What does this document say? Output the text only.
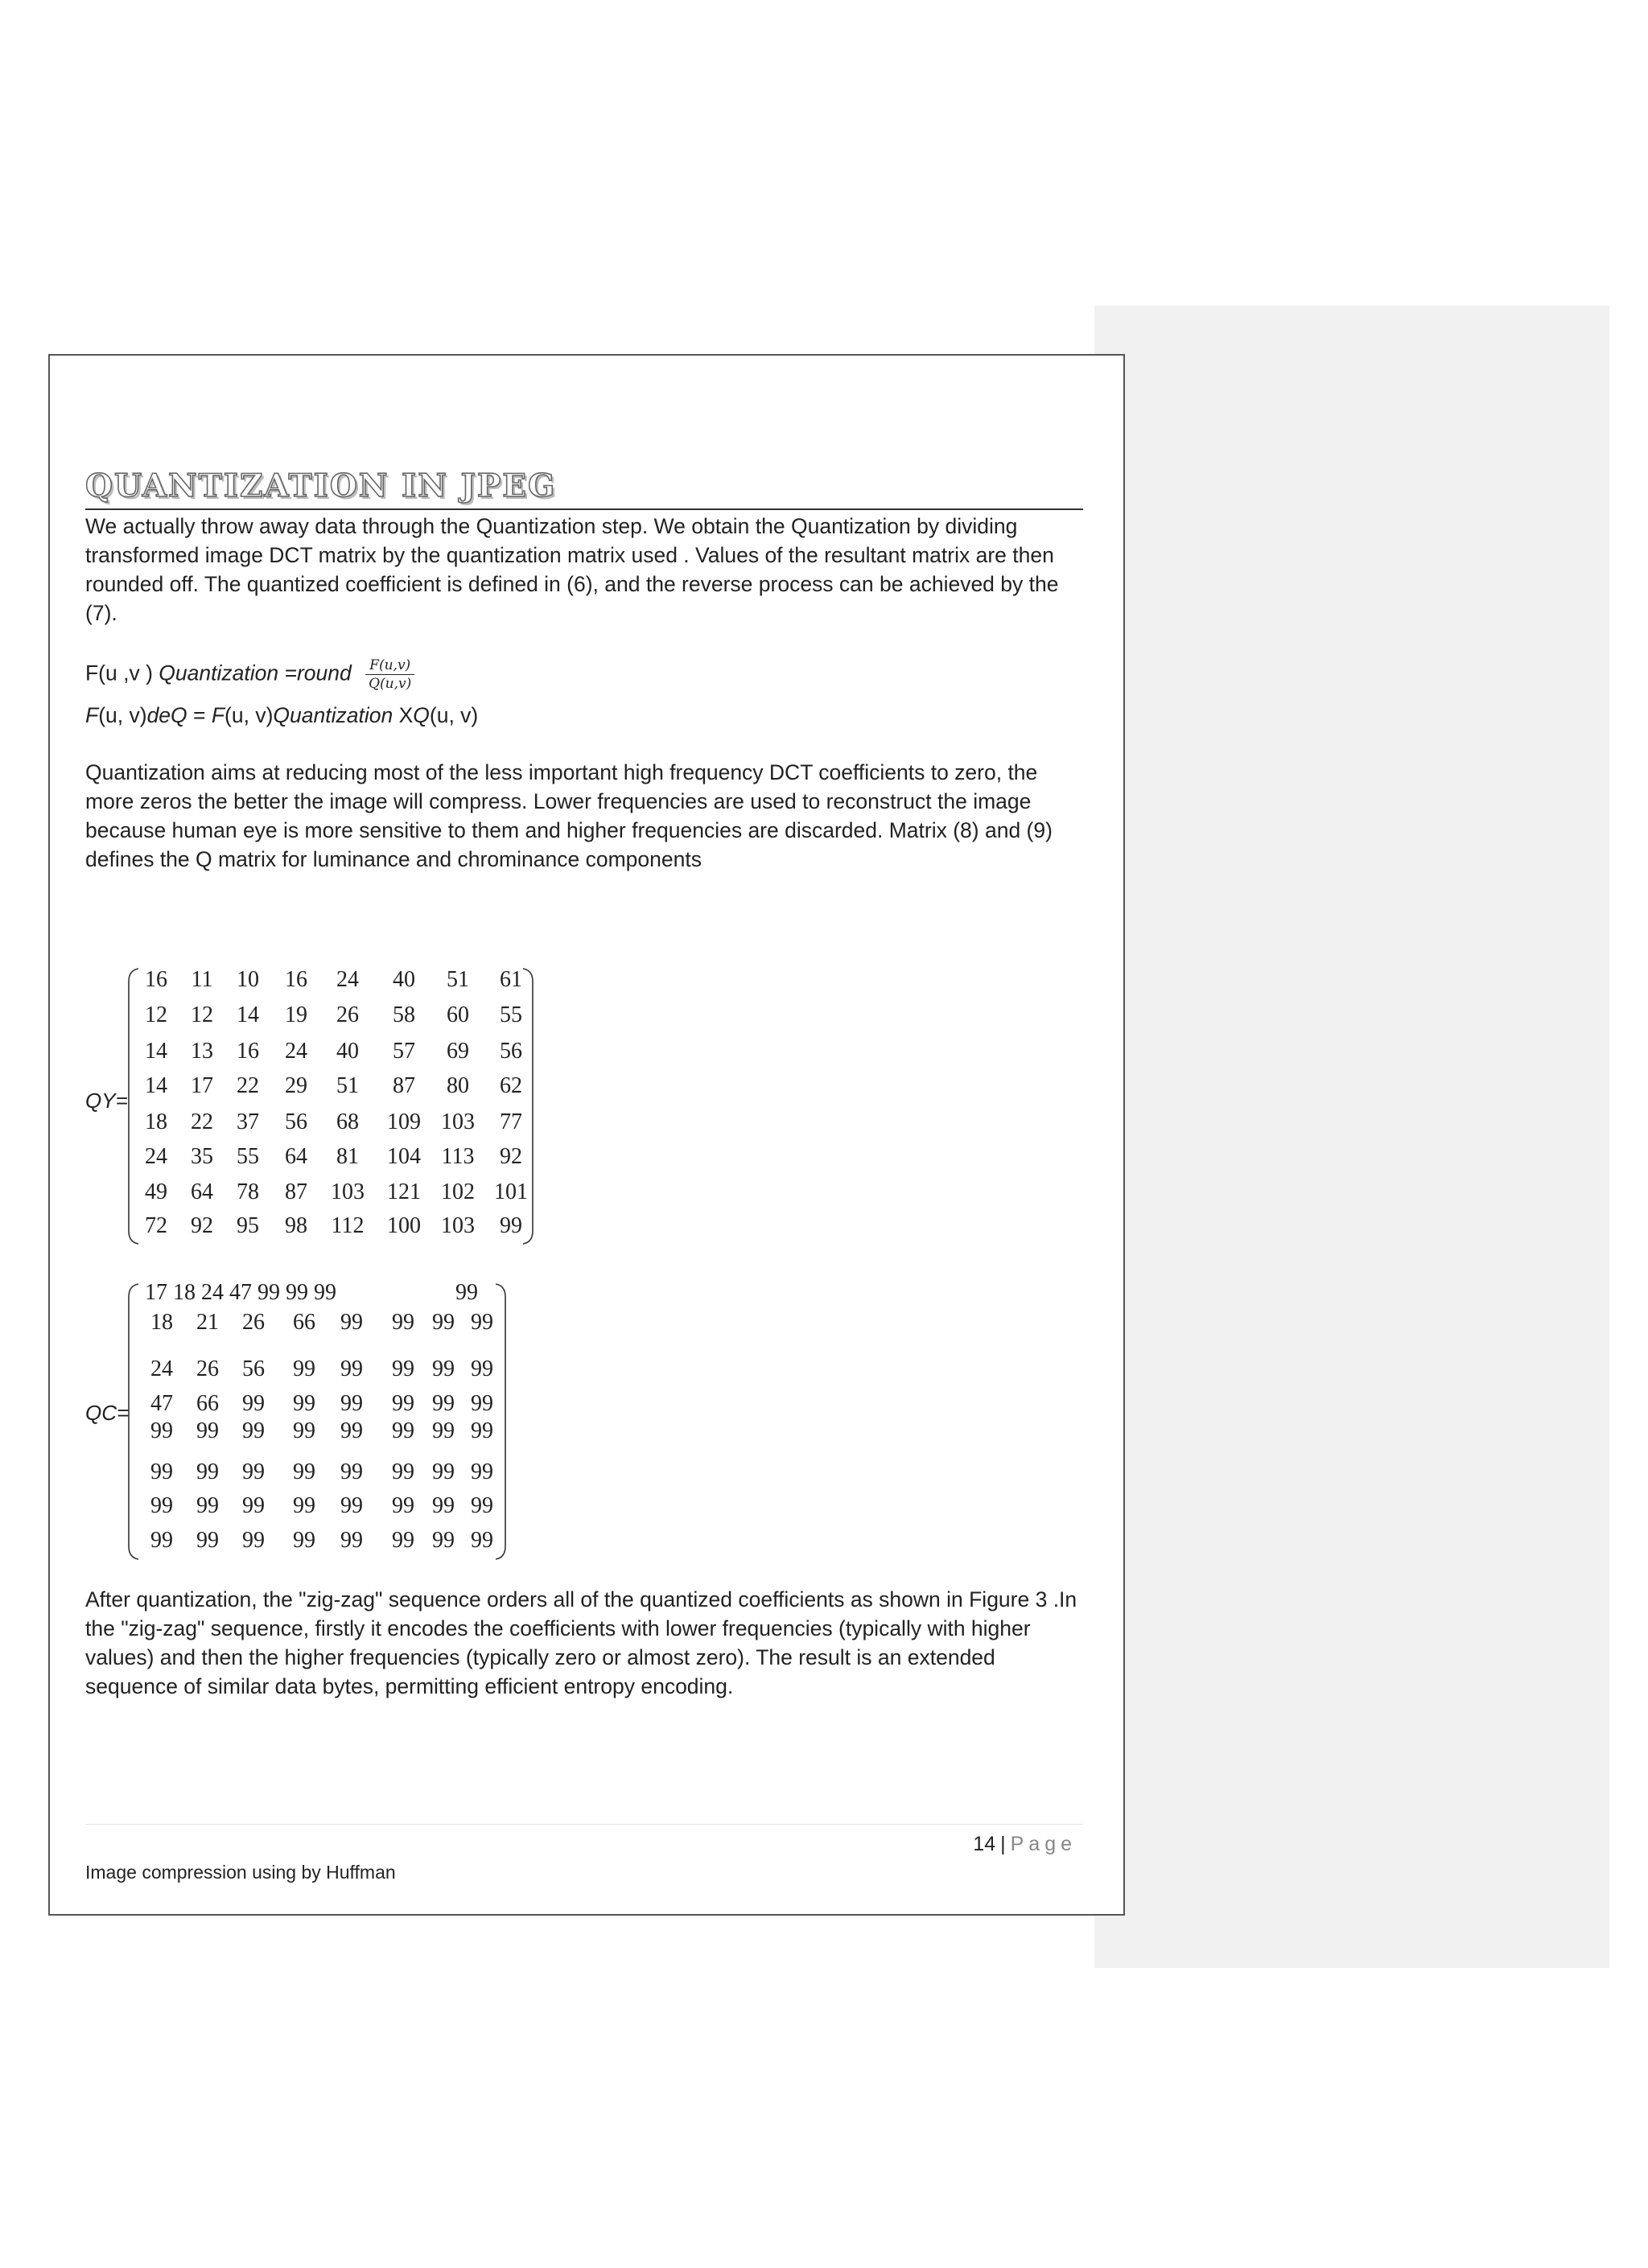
QUANTIZATION IN JPEG
We actually throw away data through the Quantization step. We obtain the Quantization by dividing transformed image DCT matrix by the quantization matrix used . Values of the resultant matrix are then rounded off. The quantized coefficient is defined in (6), and the reverse process can be achieved by the (7).
F(u ,v ) Quantization =round $\frac{F(u,v)}{Q(u,v)}$
F(u, v)deQ = F(u, v)Quantization XQ(u, v)
Quantization aims at reducing most of the less important high frequency DCT coefficients to zero, the more zeros the better the image will compress. Lower frequencies are used to reconstruct the image because human eye is more sensitive to them and higher frequencies are discarded. Matrix (8) and (9) defines the Q matrix for luminance and chrominance components
QY=
16 11 10 16 24 40 51 61
12 12 14 19 26 58 60 55
14 13 16 24 40 57 69 56
14 17 22 29 51 87 80 62
18 22 37 56 68 109 103 77
24 35 55 64 81 104 113 92
49 64 78 87 103 121 102 101
72 92 95 98 112 100 103 99
QC=
17 18 24 47 99 99 99	99
18 21 26 66 99 99 99 99
24 26 56 99 99 99 99 99
47 66 99 99 99 99 99 99
99 99 99 99 99 99 99 99
99 99 99 99 99 99 99 99
99 99 99 99 99 99 99 99
99 99 99 99 99 99 99 99
After quantization, the "zig-zag" sequence orders all of the quantized coefficients as shown in Figure 3 .In the "zig-zag" sequence, firstly it encodes the coefficients with lower frequencies (typically with higher values) and then the higher frequencies (typically zero or almost zero). The result is an extended sequence of similar data bytes, permitting efficient entropy encoding.
14 | Page
Image compression using by Huffman
